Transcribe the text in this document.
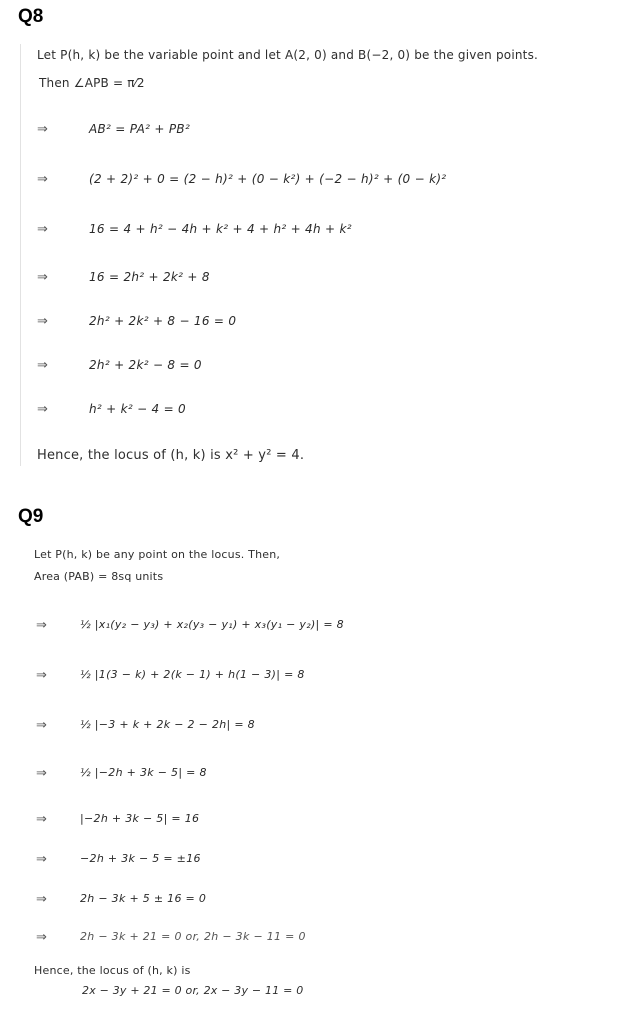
Q8
Let P(h, k) be the variable point and let A(2, 0) and B(−2, 0) be the given points.
Then ∠APB = π⁄2
⇒	AB² = PA² + PB²
⇒	(2 + 2)² + 0 = (2 − h)² + (0 − k²) + (−2 − h)² + (0 − k)²
⇒	16 = 4 + h² − 4h + k² + 4 + h² + 4h + k²
⇒	16 = 2h² + 2k² + 8
⇒	2h² + 2k² + 8 − 16 = 0
⇒	2h² + 2k² − 8 = 0
⇒	h² + k² − 4 = 0
Hence, the locus of (h, k) is x² + y² = 4.
Q9
Let P(h, k) be any point on the locus. Then,
Area (PAB) = 8sq units
⇒	½ |x₁(y₂ − y₃) + x₂(y₃ − y₁) + x₃(y₁ − y₂)| = 8
⇒	½ |1(3 − k) + 2(k − 1) + h(1 − 3)| = 8
⇒	½ |−3 + k + 2k − 2 − 2h| = 8
⇒	½ |−2h + 3k − 5| = 8
⇒	|−2h + 3k − 5| = 16
⇒	−2h + 3k − 5 = ±16
⇒	2h − 3k + 5 ± 16 = 0
⇒	2h − 3k + 21 = 0 or, 2h − 3k − 11 = 0
Hence, the locus of (h, k) is
2x − 3y + 21 = 0 or, 2x − 3y − 11 = 0
